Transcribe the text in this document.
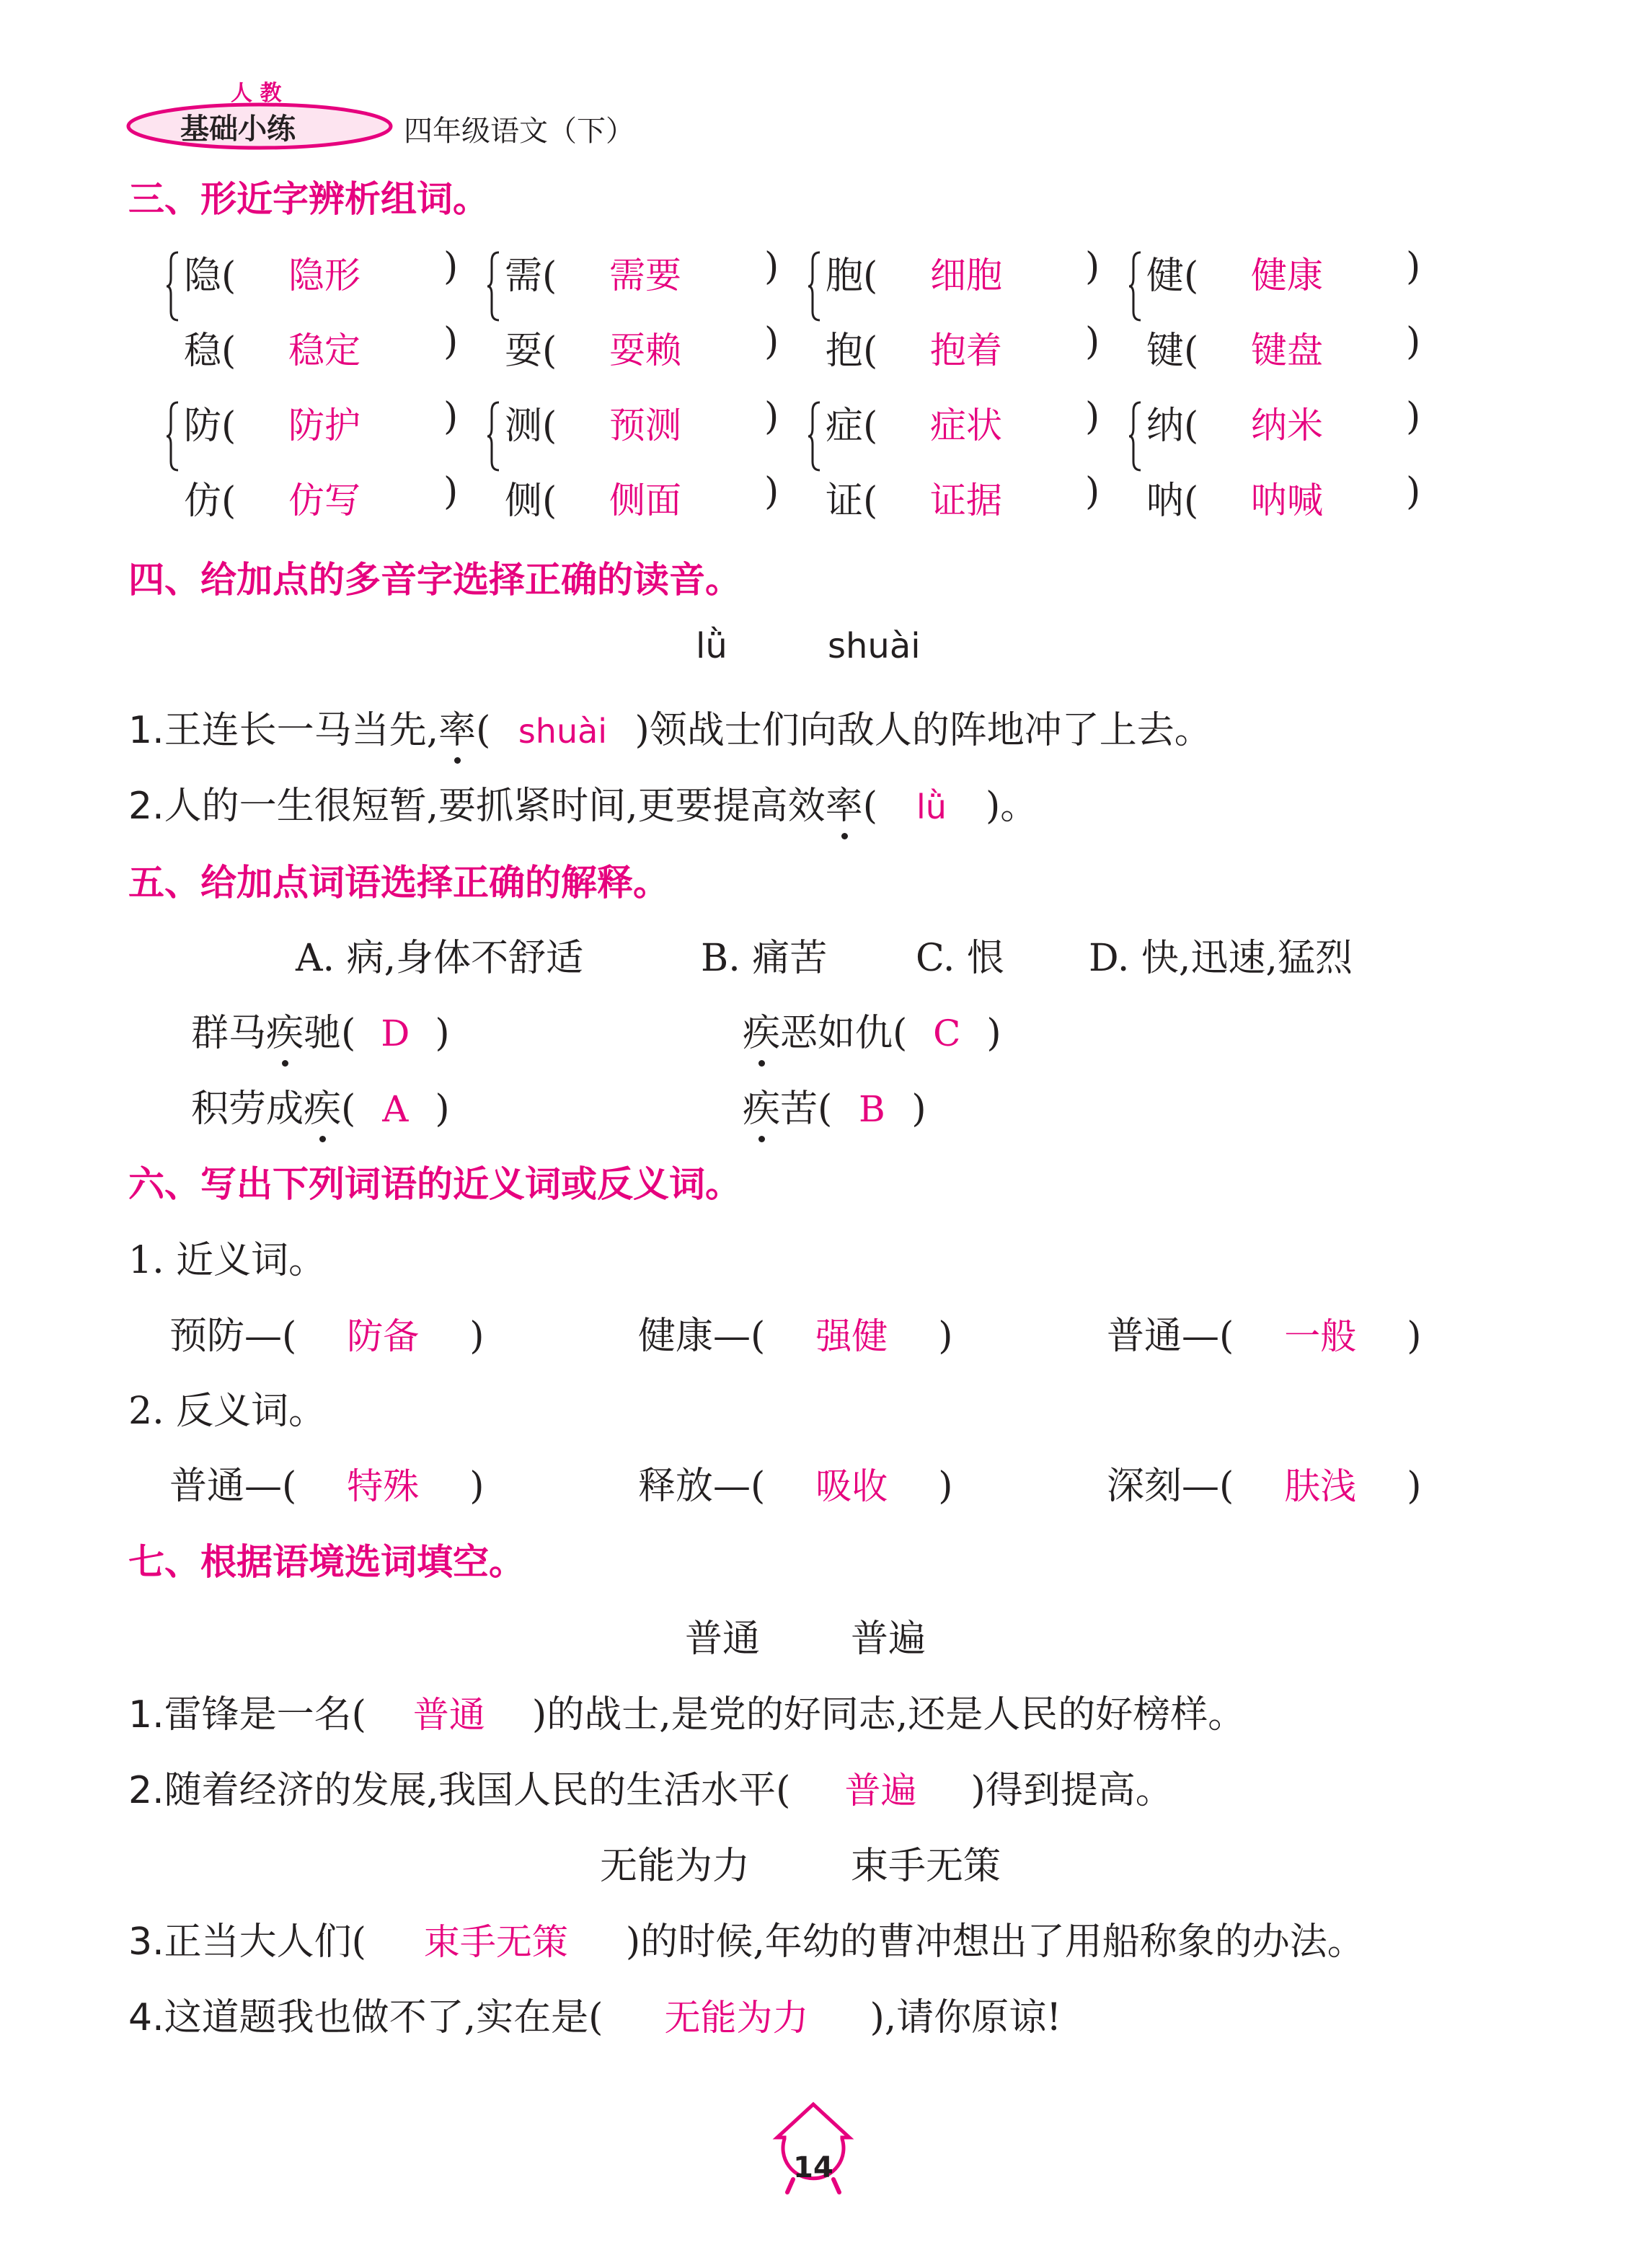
人 教
基础小练	四年级语文（下）
三、形近字辨析组词。
隐(	隐形	)
稳(	稳定	)
需(	需要	)
耍(	耍赖	)
胞(	细胞	)
抱(	抱着	)
健(	健康	)
键(	键盘	)
防(	防护	)
仿(	仿写	)
测(	预测	)
侧(	侧面	)
症(	症状	)
证(	证据	)
纳(	纳米	)
呐(	呐喊	)
四、给加点的多音字选择正确的读音。
lǜ	shuài
1.王连长一马当先,率( shuài )领战士们向敌人的阵地冲了上去。
2.人的一生很短暂,要抓紧时间,更要提高效率( lǜ )。
五、给加点词语选择正确的解释。
A. 病,身体不舒适	B. 痛苦 C. 恨 D. 快,迅速,猛烈
群马疾驰( D )	疾恶如仇( C )
积劳成疾( A )	疾苦( B )
六、写出下列词语的近义词或反义词。
1. 近义词。
预防—( 防备 )	健康—( 强健 )	普通—( 一般 )
2. 反义词。
普通—( 特殊 )	释放—( 吸收 )	深刻—( 肤浅 )
七、根据语境选词填空。
普通 普遍
1.雷锋是一名( 普通 )的战士,是党的好同志,还是人民的好榜样。
2.随着经济的发展,我国人民的生活水平( 普遍 )得到提高。
无能为力	束手无策
3.正当大人们( 束手无策 )的时候,年幼的曹冲想出了用船称象的办法。
4.这道题我也做不了,实在是( 无能为力 ),请你原谅!
14
